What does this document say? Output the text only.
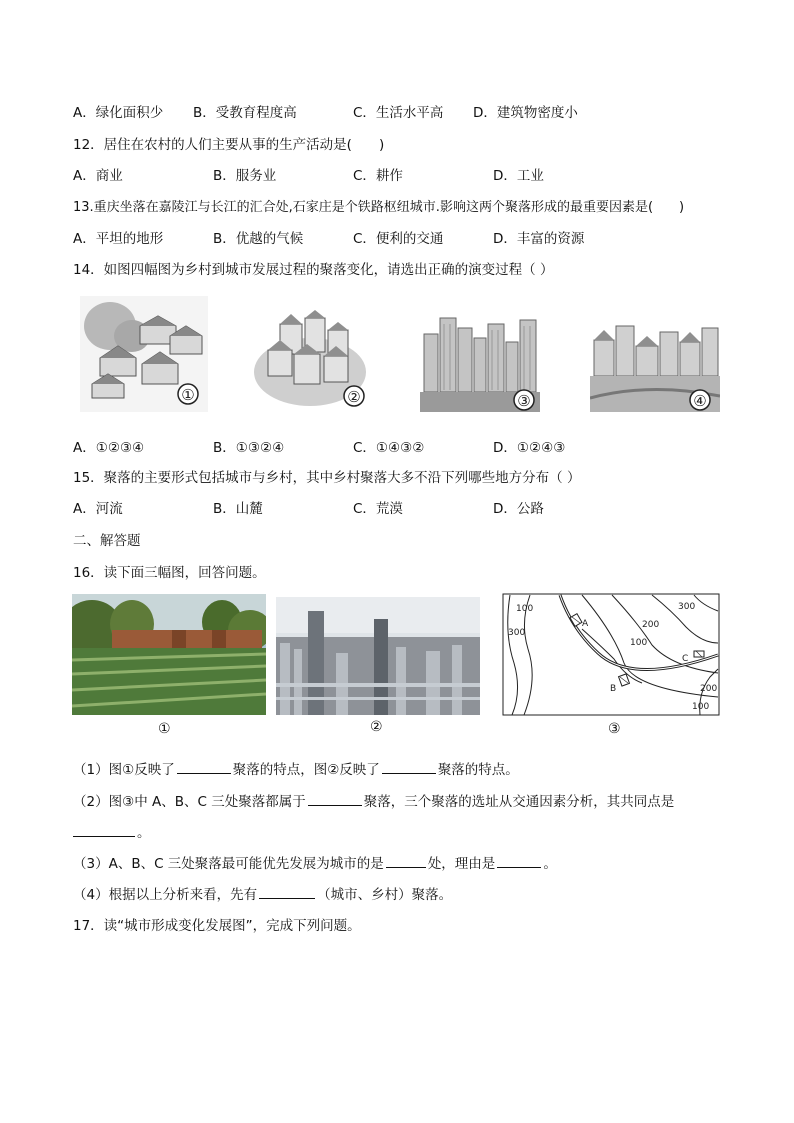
A．绿化面积少 B．受教育程度高	C．生活水平高 D．建筑物密度小
12．居住在农村的人们主要从事的生产活动是(　　)
A．商业	B．服务业	C．耕作	D．工业
13.重庆坐落在嘉陵江与长江的汇合处,石家庄是个铁路枢纽城市.影响这两个聚落形成的最重要因素是(　　)
A．平坦的地形	B．优越的气候	C．便利的交通	D．丰富的资源
14．如图四幅图为乡村到城市发展过程的聚落变化，请选出正确的演变过程（ ）
①	②	③	④
A．①②③④	B．①③②④	C．①④③②	D．①②④③
15．聚落的主要形式包括城市与乡村，其中乡村聚落大多不沿下列哪些地方分布（ ）
A．河流	B．山麓	C．荒漠	D．公路
二、解答题
16．读下面三幅图，回答问题。
100
300
300
200
100
200
100
A
B
C
①	②	③
（1）图①反映了	聚落的特点，图②反映了	聚落的特点。
（2）图③中 A、B、C 三处聚落都属于	聚落，三个聚落的选址从交通因素分析，其共同点是
。
（3）A、B、C 三处聚落最可能优先发展为城市的是	处，理由是	。
（4）根据以上分析来看，先有	（城市、乡村）聚落。
17．读“城市形成变化发展图”，完成下列问题。
